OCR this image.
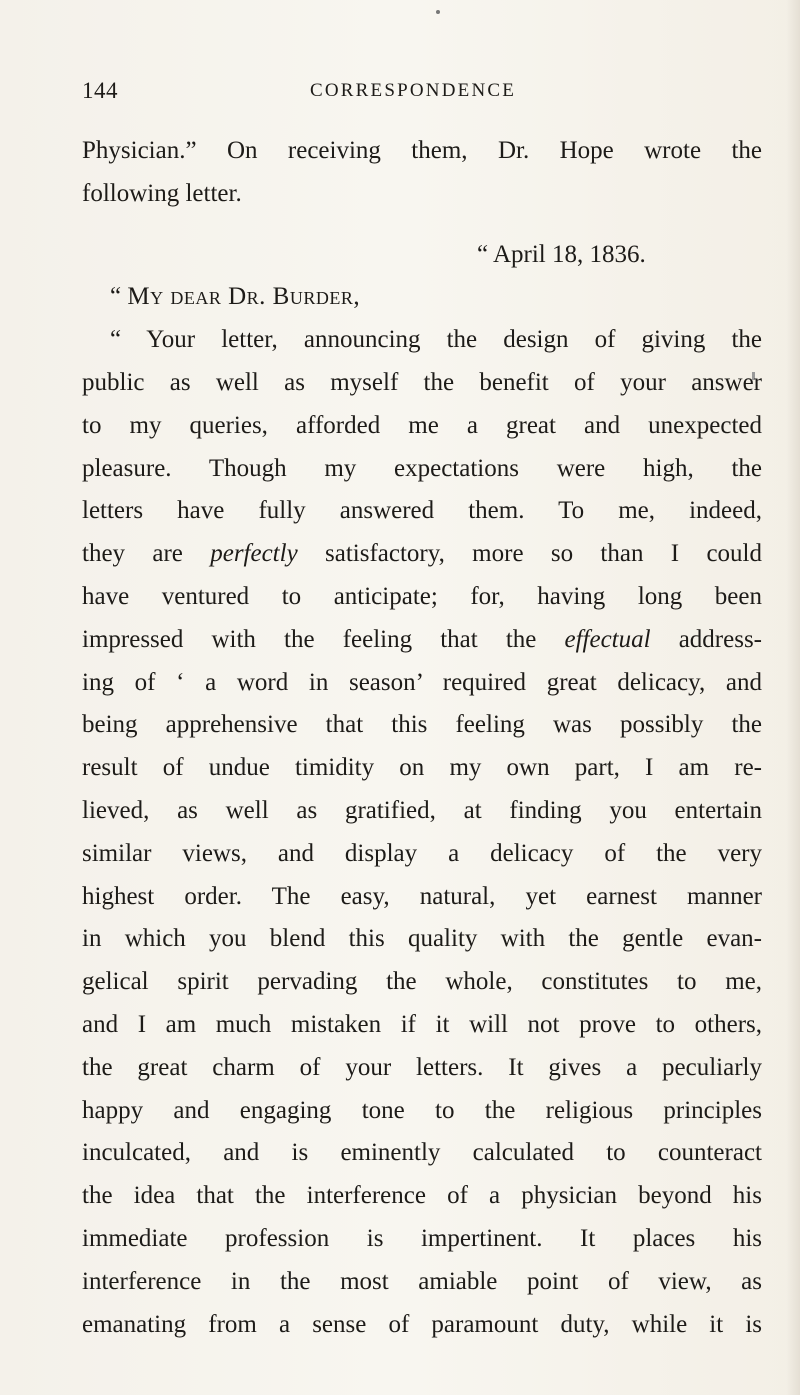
144	CORRESPONDENCE
Physician.” On receiving them, Dr. Hope wrote the
following letter.
“ April 18, 1836.
“ My dear Dr. Burder,
“ Your letter, announcing the design of giving the
public as well as myself the benefit of your answer
to my queries, afforded me a great and unexpected
pleasure. Though my expectations were high, the
letters have fully answered them. To me, indeed,
they are perfectly satisfactory, more so than I could
have ventured to anticipate; for, having long been
impressed with the feeling that the effectual address-
ing of ‘ a word in season’ required great delicacy, and
being apprehensive that this feeling was possibly the
result of undue timidity on my own part, I am re-
lieved, as well as gratified, at finding you entertain
similar views, and display a delicacy of the very
highest order. The easy, natural, yet earnest manner
in which you blend this quality with the gentle evan-
gelical spirit pervading the whole, constitutes to me,
and I am much mistaken if it will not prove to others,
the great charm of your letters. It gives a peculiarly
happy and engaging tone to the religious principles
inculcated, and is eminently calculated to counteract
the idea that the interference of a physician beyond his
immediate profession is impertinent. It places his
interference in the most amiable point of view, as
emanating from a sense of paramount duty, while it is
